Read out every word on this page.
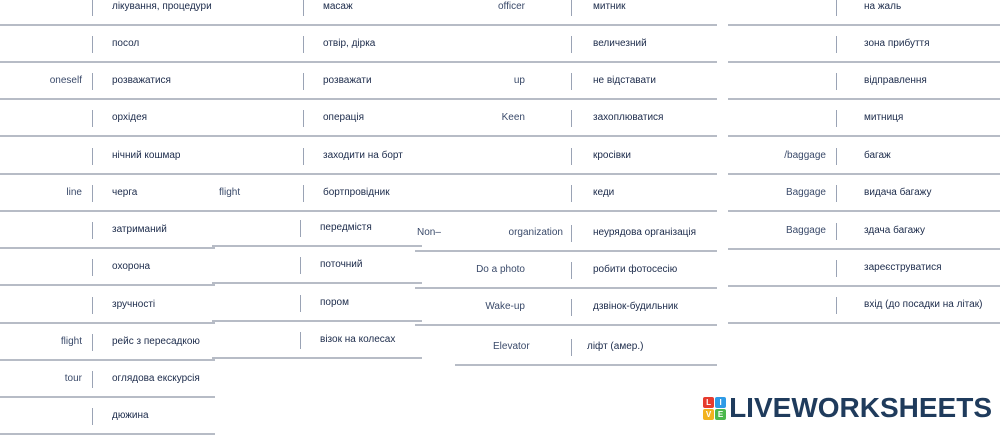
лікування, процедури
посол
oneself	розважатися
орхідея
нічний кошмар
line	черга
затриманий
охорона
зручності
flight	рейс з пересадкою
tour	оглядова екскурсія
дюжина
масаж
отвір, дірка
розважати
операція
заходити на борт
flight	бортпровідник
передмістя
поточний
пором
візок на колесах
officer	митник
величезний
up	не відставати
Keen	захоплюватися
кросівки
кеди
Non–	organization	неурядова організація
Do a photo	робити фотосесію
Wake-up	дзвінок-будильник
Elevator	ліфт (амер.)
на жаль
зона прибуття
відправлення
митниця
/baggage	багаж
Baggage	видача багажу
Baggage	здача багажу
зареєструватися
вхід (до посадки на літак)
L	I
V E LIVEWORKSHEETS
